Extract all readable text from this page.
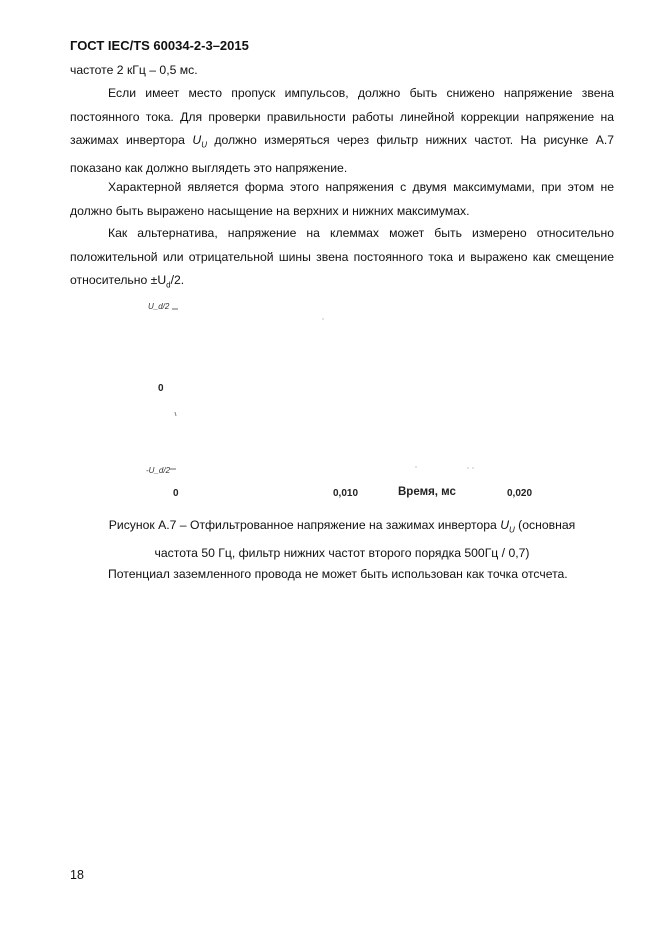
ГОСТ IEC/TS 60034-2-3–2015
частоте 2 кГц – 0,5 мс.
Если имеет место пропуск импульсов, должно быть снижено напряжение звена постоянного тока. Для проверки правильности работы линейной коррекции напряжение на зажимах инвертора $U_U$ должно измеряться через фильтр нижних частот. На рисунке А.7 показано как должно выглядеть это напряжение.
Характерной является форма этого напряжения с двумя максимумами, при этом не должно быть выражено насыщение на верхних и нижних максимумах.
Как альтернатива, напряжение на клеммах может быть измерено относительно положительной или отрицательной шины звена постоянного тока и выражено как смещение относительно $\pm U_d/2$.
U_d/2
0
-U_d/2
0	0,010	Время, мс	0,020
Рисунок А.7 – Отфильтрованное напряжение на зажимах инвертора $U_U$ (основная
частота 50 Гц, фильтр нижних частот второго порядка 500Гц / 0,7)
Потенциал заземленного провода не может быть использован как точка отсчета.
18
